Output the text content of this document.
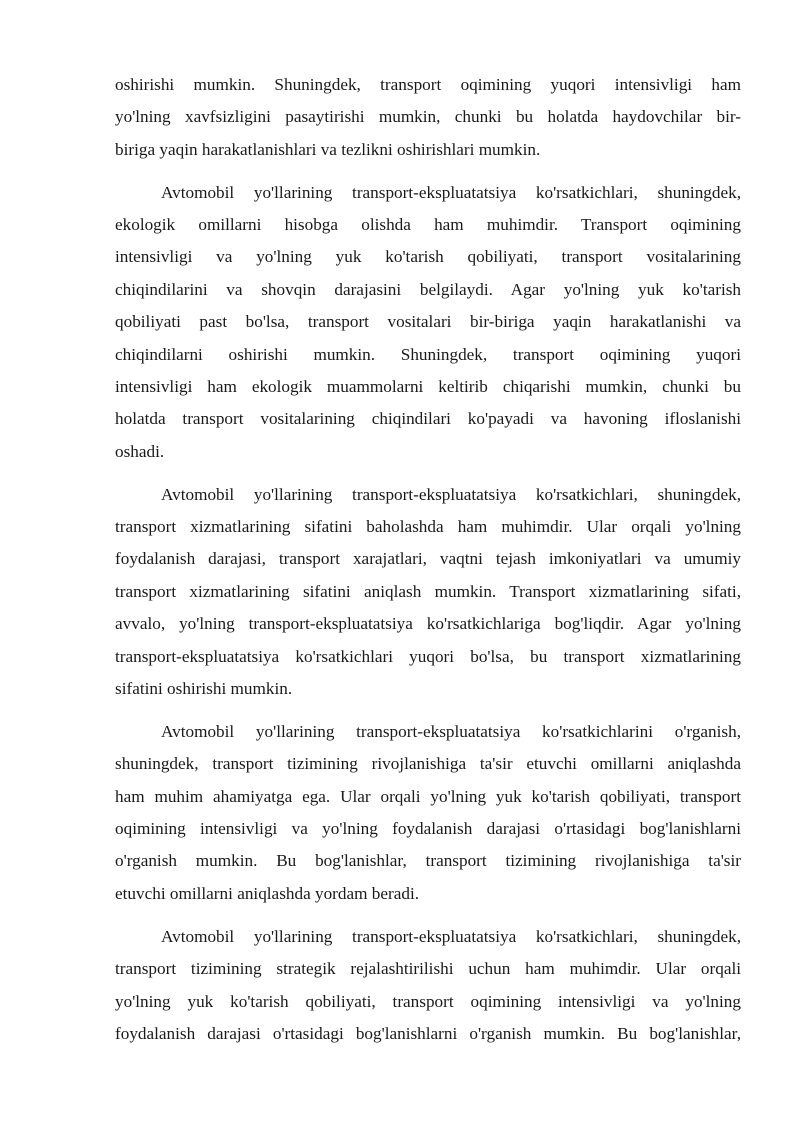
oshirishi mumkin. Shuningdek, transport oqimining yuqori intensivligi ham
yo'lning xavfsizligini pasaytirishi mumkin, chunki bu holatda haydovchilar bir-
biriga yaqin harakatlanishlari va tezlikni oshirishlari mumkin.
Avtomobil yo'llarining transport-ekspluatatsiya ko'rsatkichlari, shuningdek,
ekologik omillarni hisobga olishda ham muhimdir. Transport oqimining
intensivligi va yo'lning yuk ko'tarish qobiliyati, transport vositalarining
chiqindilarini va shovqin darajasini belgilaydi. Agar yo'lning yuk ko'tarish
qobiliyati past bo'lsa, transport vositalari bir-biriga yaqin harakatlanishi va
chiqindilarni oshirishi mumkin. Shuningdek, transport oqimining yuqori
intensivligi ham ekologik muammolarni keltirib chiqarishi mumkin, chunki bu
holatda transport vositalarining chiqindilari ko'payadi va havoning ifloslanishi
oshadi.
Avtomobil yo'llarining transport-ekspluatatsiya ko'rsatkichlari, shuningdek,
transport xizmatlarining sifatini baholashda ham muhimdir. Ular orqali yo'lning
foydalanish darajasi, transport xarajatlari, vaqtni tejash imkoniyatlari va umumiy
transport xizmatlarining sifatini aniqlash mumkin. Transport xizmatlarining sifati,
avvalo, yo'lning transport-ekspluatatsiya ko'rsatkichlariga bog'liqdir. Agar yo'lning
transport-ekspluatatsiya ko'rsatkichlari yuqori bo'lsa, bu transport xizmatlarining
sifatini oshirishi mumkin.
Avtomobil yo'llarining transport-ekspluatatsiya ko'rsatkichlarini o'rganish,
shuningdek, transport tizimining rivojlanishiga ta'sir etuvchi omillarni aniqlashda
ham muhim ahamiyatga ega. Ular orqali yo'lning yuk ko'tarish qobiliyati, transport
oqimining intensivligi va yo'lning foydalanish darajasi o'rtasidagi bog'lanishlarni
o'rganish mumkin. Bu bog'lanishlar, transport tizimining rivojlanishiga ta'sir
etuvchi omillarni aniqlashda yordam beradi.
Avtomobil yo'llarining transport-ekspluatatsiya ko'rsatkichlari, shuningdek,
transport tizimining strategik rejalashtirilishi uchun ham muhimdir. Ular orqali
yo'lning yuk ko'tarish qobiliyati, transport oqimining intensivligi va yo'lning
foydalanish darajasi o'rtasidagi bog'lanishlarni o'rganish mumkin. Bu bog'lanishlar,
